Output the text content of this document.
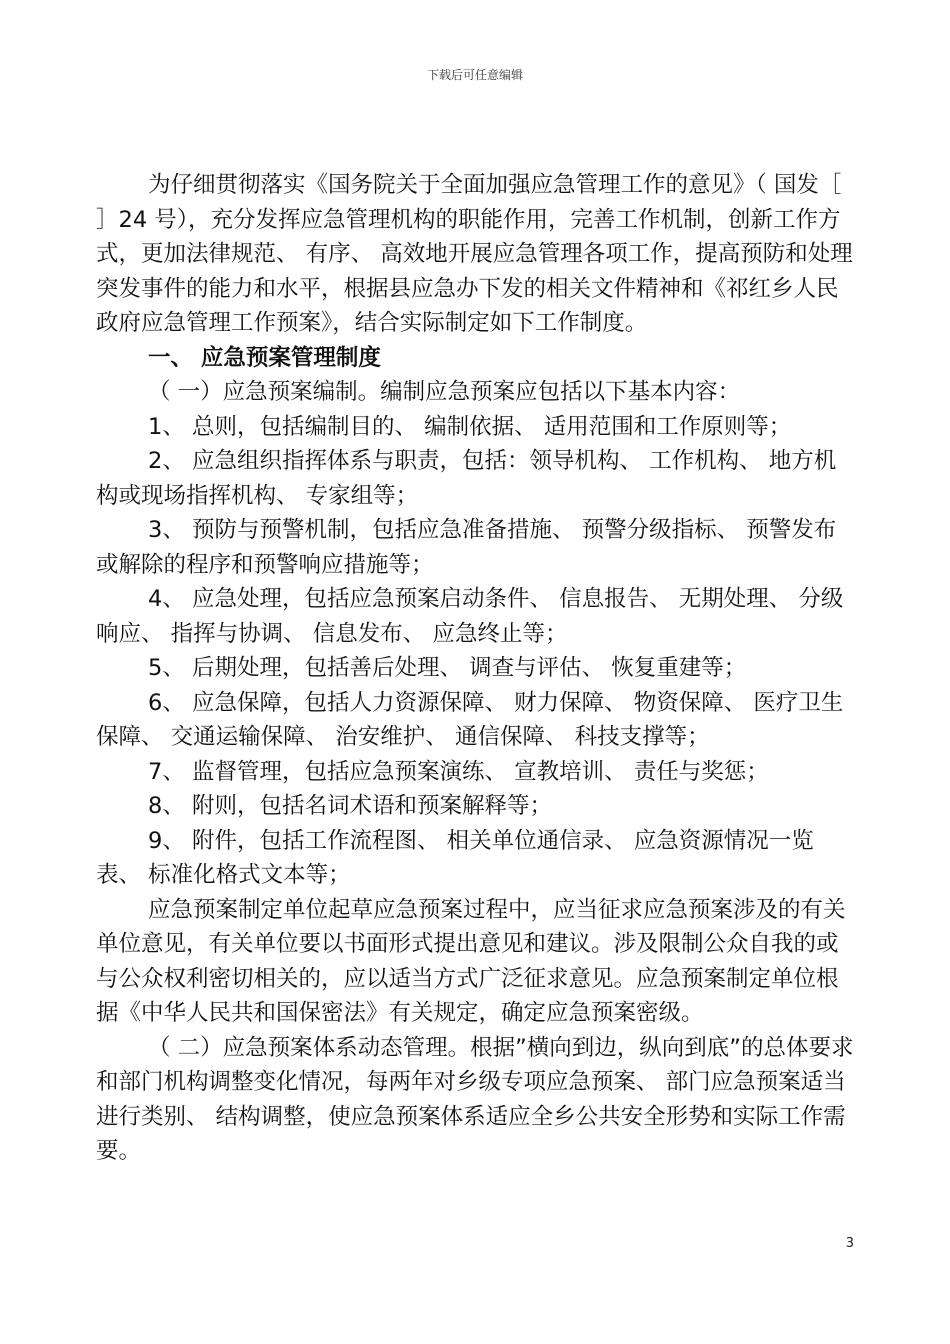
下载后可任意编辑

为仔细贯彻落实《国务院关于全面加强应急管理工作的意见》（ 国发［ ］24 号），充分发挥应急管理机构的职能作用，完善工作机制，创新工作方式，更加法律规范、 有序、 高效地开展应急管理各项工作，提高预防和处理突发事件的能力和水平，根据县应急办下发的相关文件精神和《祁红乡人民政府应急管理工作预案》，结合实际制定如下工作制度。

一、 应急预案管理制度

（ 一）应急预案编制。编制应急预案应包括以下基本内容：

1、 总则，包括编制目的、 编制依据、 适用范围和工作原则等；

2、 应急组织指挥体系与职责，包括：领导机构、 工作机构、 地方机构或现场指挥机构、 专家组等；

3、 预防与预警机制，包括应急准备措施、 预警分级指标、 预警发布或解除的程序和预警响应措施等；

4、 应急处理，包括应急预案启动条件、 信息报告、 无期处理、 分级响应、 指挥与协调、 信息发布、 应急终止等；

5、 后期处理，包括善后处理、 调查与评估、 恢复重建等；

6、 应急保障，包括人力资源保障、 财力保障、 物资保障、 医疗卫生保障、 交通运输保障、 治安维护、 通信保障、 科技支撑等；

7、 监督管理，包括应急预案演练、 宣教培训、 责任与奖惩；

8、 附则，包括名词术语和预案解释等；

9、 附件，包括工作流程图、 相关单位通信录、 应急资源情况一览表、 标准化格式文本等；

应急预案制定单位起草应急预案过程中，应当征求应急预案涉及的有关单位意见，有关单位要以书面形式提出意见和建议。涉及限制公众自我的或与公众权利密切相关的，应以适当方式广泛征求意见。应急预案制定单位根据《中华人民共和国保密法》有关规定，确定应急预案密级。

（ 二）应急预案体系动态管理。根据”横向到边，纵向到底”的总体要求和部门机构调整变化情况，每两年对乡级专项应急预案、 部门应急预案适当进行类别、 结构调整，使应急预案体系适应全乡公共安全形势和实际工作需要。

3
